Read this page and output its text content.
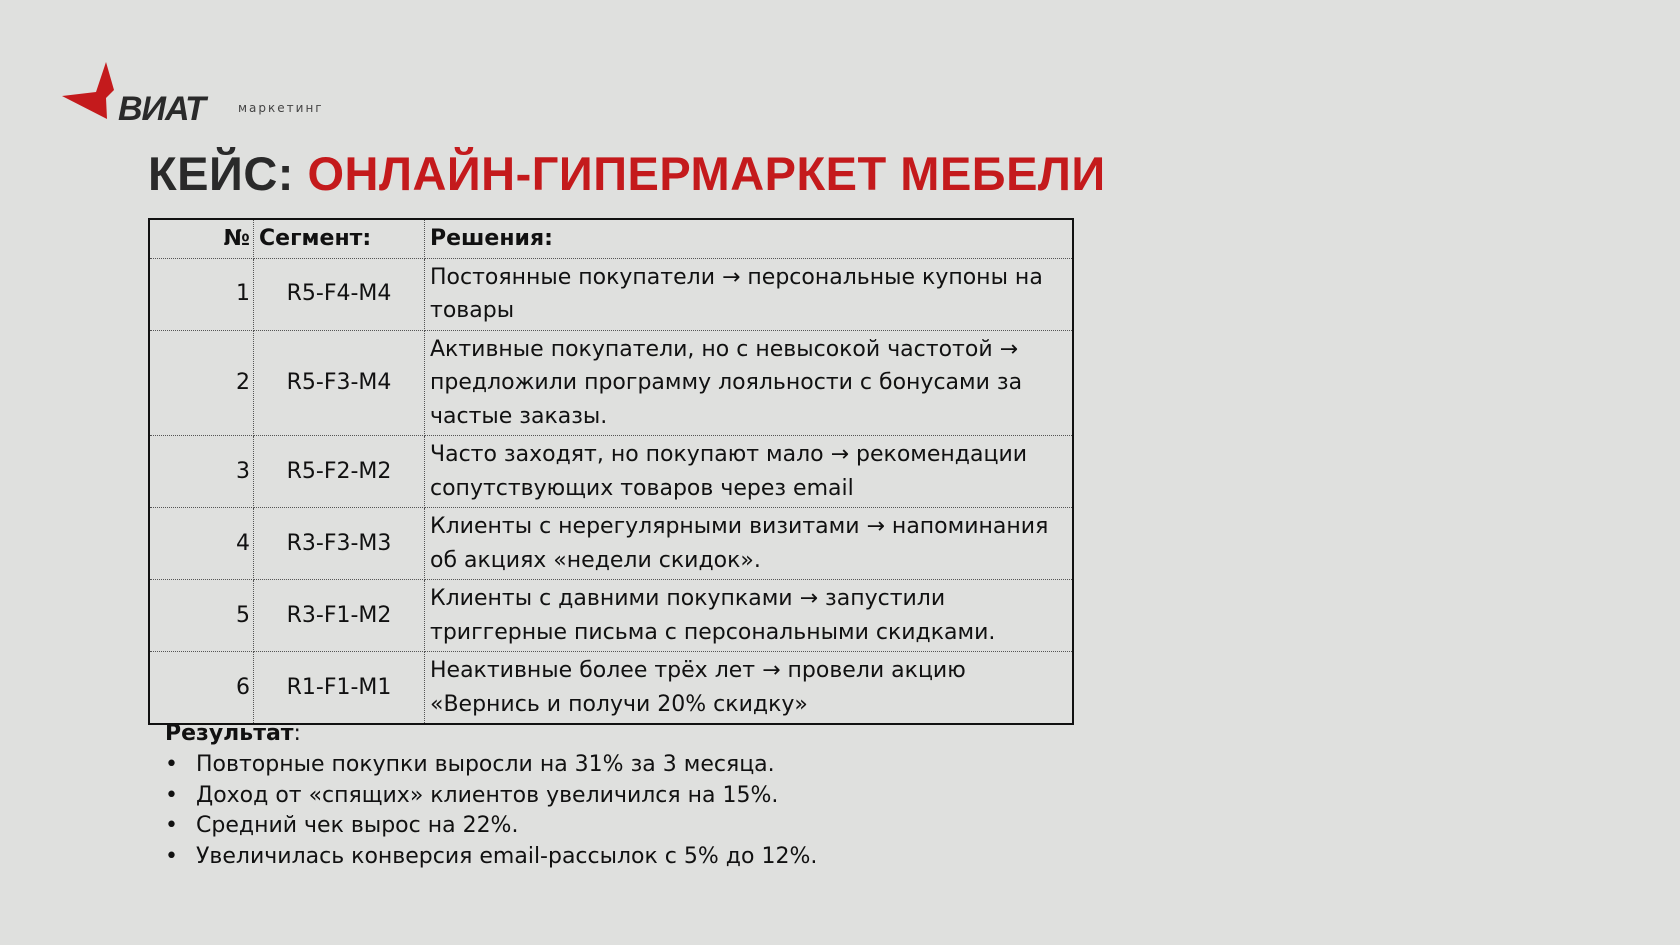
ВИАТ	маркетинг
КЕЙС: ОНЛАЙН-ГИПЕРМАРКЕТ МЕБЕЛИ
№	Сегмент:	Решения:
1	R5-F4-M4	Постоянные покупатели → персональные купоны на товары
2	R5-F3-M4	Активные покупатели, но с невысокой частотой → предложили программу лояльности с бонусами за частые заказы.
3	R5-F2-M2	Часто заходят, но покупают мало → рекомендации сопутствующих товаров через email
4	R3-F3-M3	Клиенты с нерегулярными визитами → напоминания об акциях «недели скидок».
5	R3-F1-M2	Клиенты с давними покупками → запустили триггерные письма с персональными скидками.
6	R1-F1-M1	Неактивные более трёх лет → провели акцию «Вернись и получи 20% скидку»
Результат:
• Повторные покупки выросли на 31% за 3 месяца.
• Доход от «спящих» клиентов увеличился на 15%.
• Средний чек вырос на 22%.
• Увеличилась конверсия email-рассылок с 5% до 12%.
